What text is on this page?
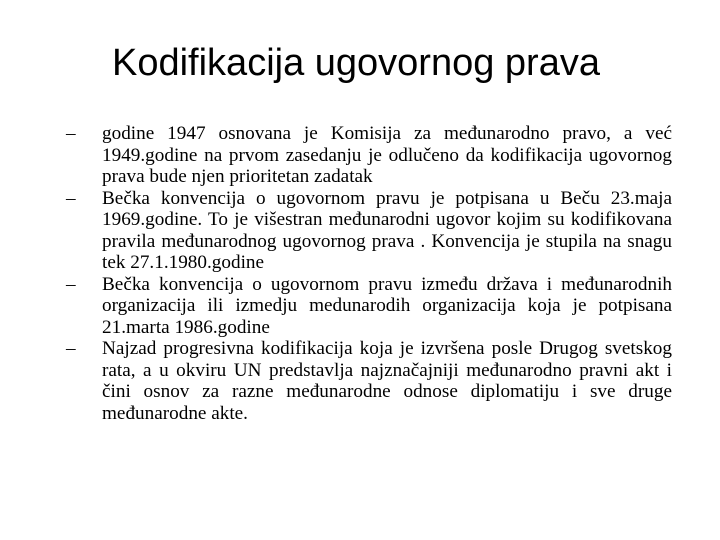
Kodifikacija ugovornog prava
–	godine 1947 osnovana je Komisija za međunarodno pravo, a već 1949.godine na prvom zasedanju je odlučeno da kodifikacija ugovornog prava bude njen prioritetan zadatak
–	Bečka konvencija o ugovornom pravu je potpisana u Beču 23.maja 1969.godine. To je višestran međunarodni ugovor kojim su kodifikovana pravila međunarodnog ugovornog prava . Konvencija je stupila na snagu tek 27.1.1980.godine
–	Bečka konvencija o ugovornom pravu između država i međunarodnih organizacija ili izmedju medunarodih organizacija koja je potpisana 21.marta 1986.godine
–	Najzad progresivna kodifikacija koja je izvršena posle Drugog svetskog rata, a u okviru UN predstavlja najznačajniji međunarodno pravni akt i čini osnov za razne međunarodne odnose diplomatiju i sve druge međunarodne akte.
